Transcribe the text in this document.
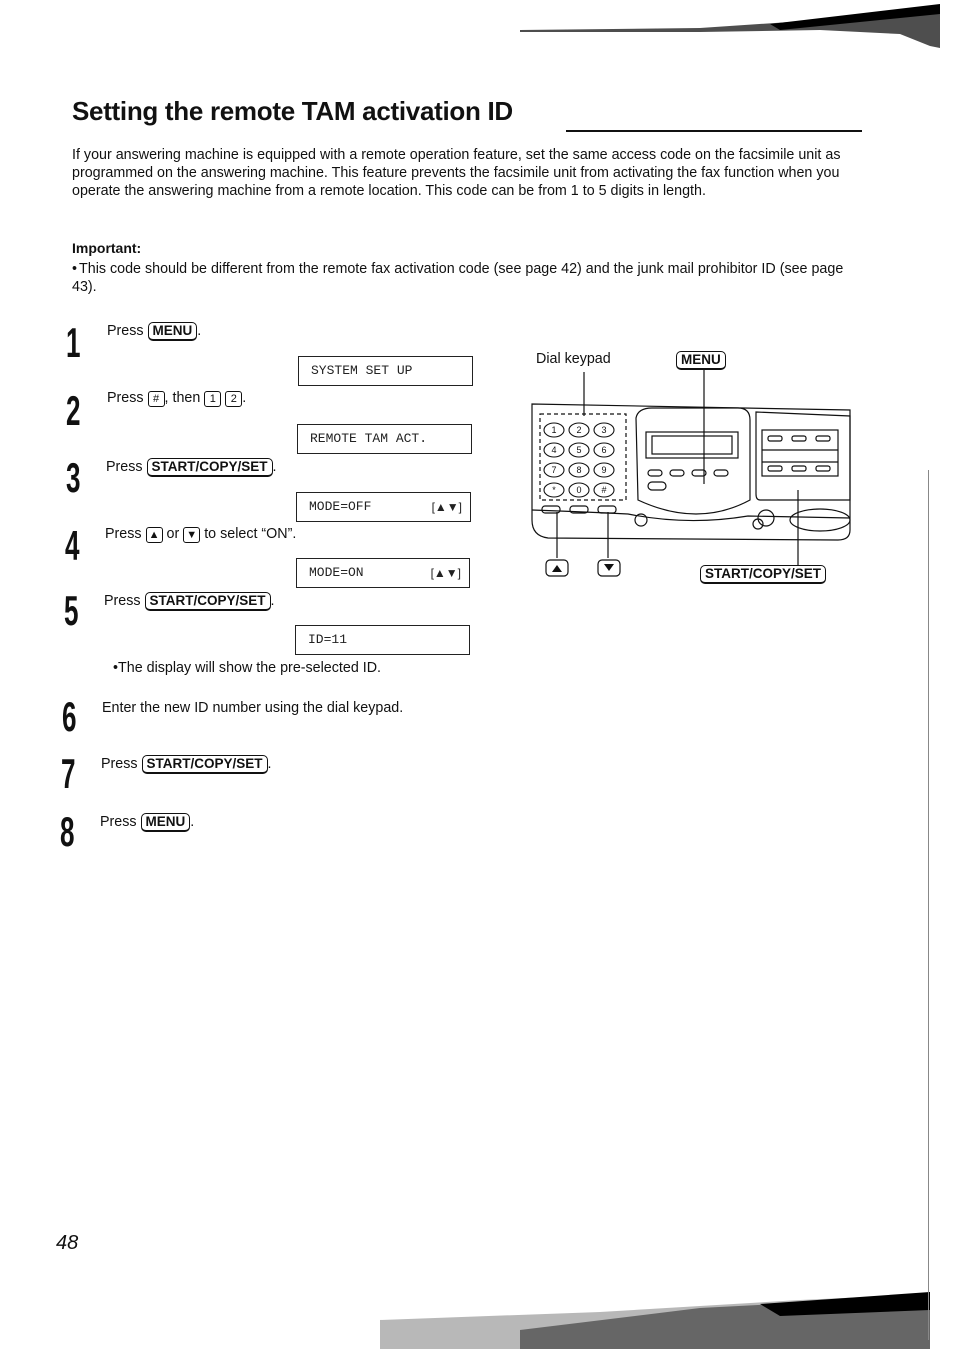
Setting the remote TAM activation ID
If your answering machine is equipped with a remote operation feature, set the same access code on the facsimile unit as programmed on the answering machine. This feature prevents the facsimile unit from activating the fax function when you operate the answering machine from a remote location. This code can be from 1 to 5 digits in length.
Important:
• This code should be different from the remote fax activation code (see page 42) and the junk mail prohibitor ID (see page 43).
1 Press MENU .
SYSTEM SET UP
2 Press # , then 1 2 .
REMOTE TAM ACT.
3 Press START/COPY/SET .
MODE=OFF	[▲▼]
4 Press ▲ or ▼ to select “ON”.
MODE=ON	[▲▼]
5 Press START/COPY/SET .
ID=11
•The display will show the pre-selected ID.
6 Enter the new ID number using the dial keypad.
7 Press START/COPY/SET .
8 Press MENU .
Dial keypad	MENU
START/COPY/SET
1 2 3
4 5 6
7 8 9
* 0 #
48
